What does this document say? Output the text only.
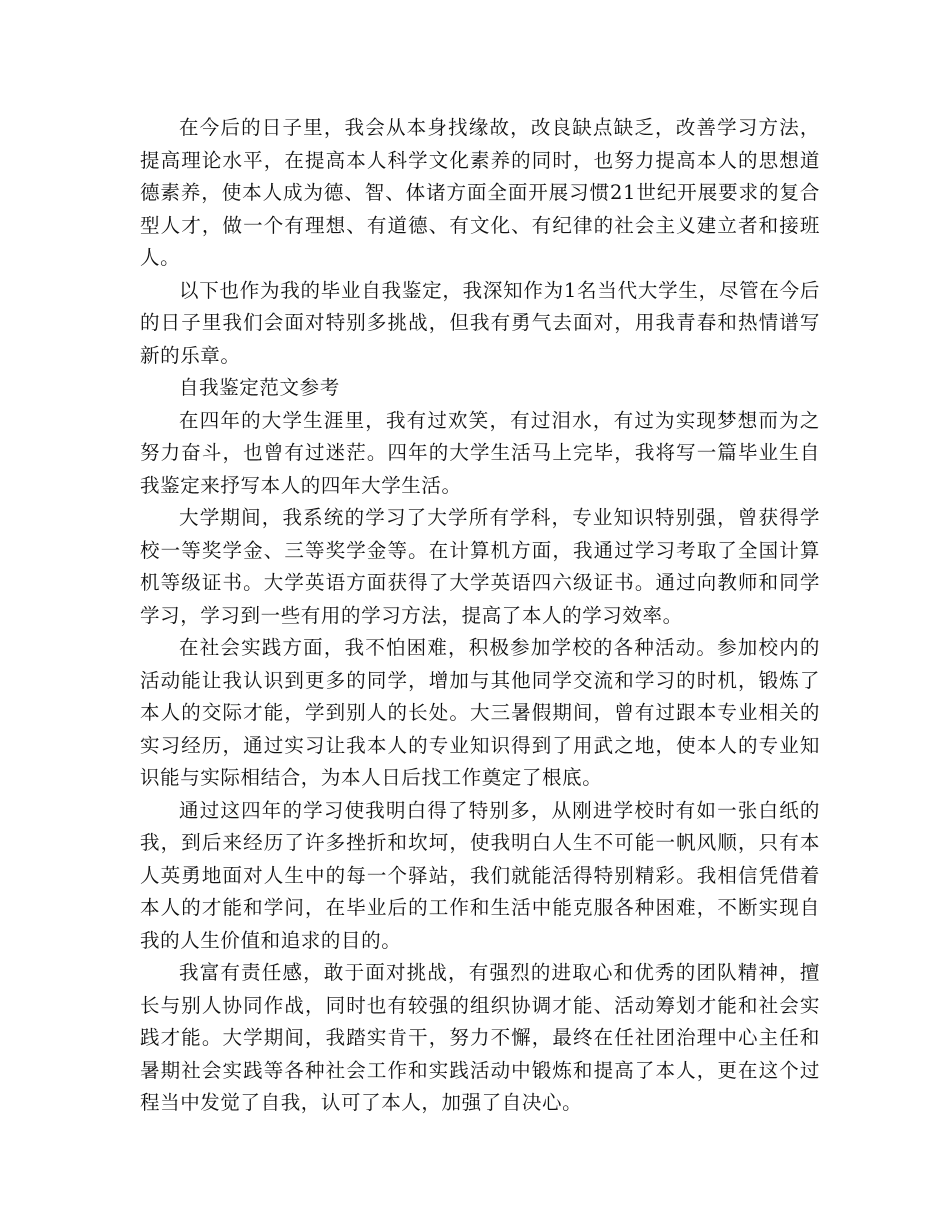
在今后的日子里，我会从本身找缘故，改良缺点缺乏，改善学习方法，提高理论水平，在提高本人科学文化素养的同时，也努力提高本人的思想道德素养，使本人成为德、智、体诸方面全面开展习惯21世纪开展要求的复合型人才，做一个有理想、有道德、有文化、有纪律的社会主义建立者和接班人。

以下也作为我的毕业自我鉴定，我深知作为1名当代大学生，尽管在今后的日子里我们会面对特别多挑战，但我有勇气去面对，用我青春和热情谱写新的乐章。

自我鉴定范文参考

在四年的大学生涯里，我有过欢笑，有过泪水，有过为实现梦想而为之努力奋斗，也曾有过迷茫。四年的大学生活马上完毕，我将写一篇毕业生自我鉴定来抒写本人的四年大学生活。

大学期间，我系统的学习了大学所有学科，专业知识特别强，曾获得学校一等奖学金、三等奖学金等。在计算机方面，我通过学习考取了全国计算机等级证书。大学英语方面获得了大学英语四六级证书。通过向教师和同学学习，学习到一些有用的学习方法，提高了本人的学习效率。

在社会实践方面，我不怕困难，积极参加学校的各种活动。参加校内的活动能让我认识到更多的同学，增加与其他同学交流和学习的时机，锻炼了本人的交际才能，学到别人的长处。大三暑假期间，曾有过跟本专业相关的实习经历，通过实习让我本人的专业知识得到了用武之地，使本人的专业知识能与实际相结合，为本人日后找工作奠定了根底。

通过这四年的学习使我明白得了特别多，从刚进学校时有如一张白纸的我，到后来经历了许多挫折和坎坷，使我明白人生不可能一帆风顺，只有本人英勇地面对人生中的每一个驿站，我们就能活得特别精彩。我相信凭借着本人的才能和学问，在毕业后的工作和生活中能克服各种困难，不断实现自我的人生价值和追求的目的。

我富有责任感，敢于面对挑战，有强烈的进取心和优秀的团队精神，擅长与别人协同作战，同时也有较强的组织协调才能、活动筹划才能和社会实践才能。大学期间，我踏实肯干，努力不懈，最终在任社团治理中心主任和暑期社会实践等各种社会工作和实践活动中锻炼和提高了本人，更在这个过程当中发觉了自我，认可了本人，加强了自决心。
